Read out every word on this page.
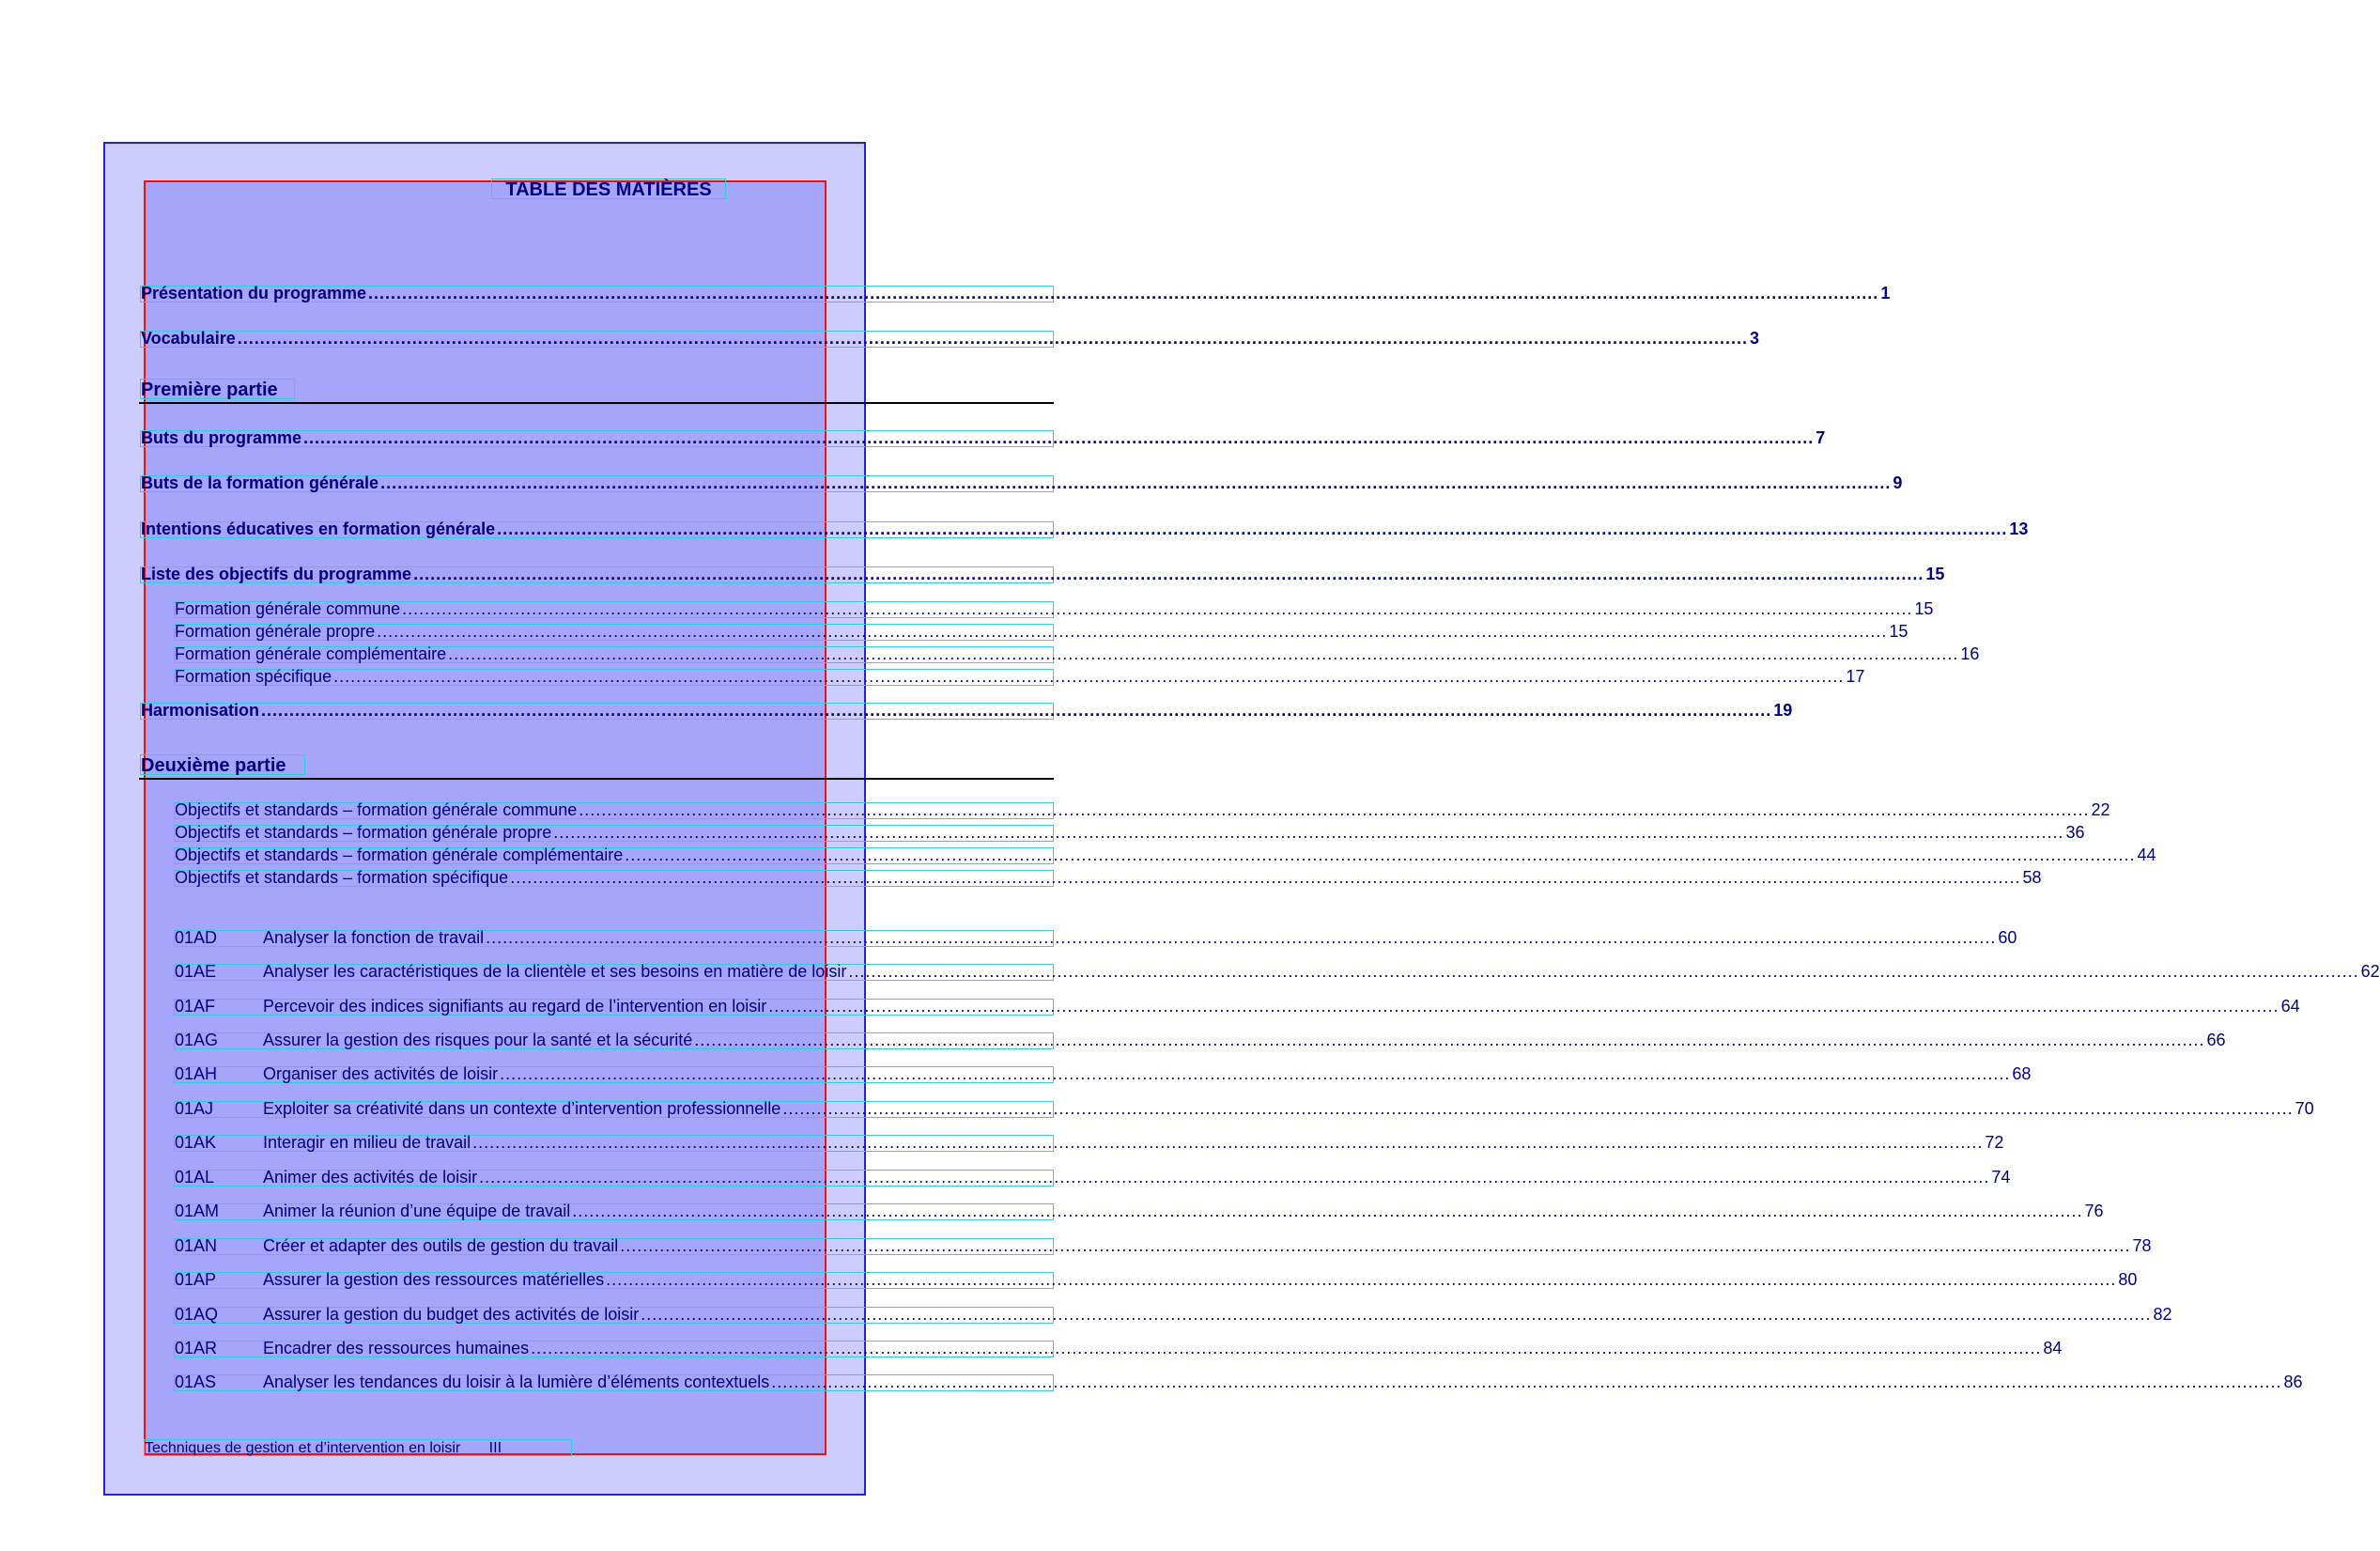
TABLE DES MATIÈRES
Présentation du programme ............................................................................................................................................................................................................................................................................ 1
Vocabulaire ............................................................................................................................................................................................................................................................................ 3
Première partie
Buts du programme ............................................................................................................................................................................................................................................................................ 7
Buts de la formation générale ............................................................................................................................................................................................................................................................................ 9
Intentions éducatives en formation générale ............................................................................................................................................................................................................................................................................ 13
Liste des objectifs du programme ............................................................................................................................................................................................................................................................................ 15
Formation générale commune ............................................................................................................................................................................................................................................................................ 15
Formation générale propre ............................................................................................................................................................................................................................................................................ 15
Formation générale complémentaire ............................................................................................................................................................................................................................................................................ 16
Formation spécifique ............................................................................................................................................................................................................................................................................ 17
Harmonisation ............................................................................................................................................................................................................................................................................ 19
Deuxième partie
Objectifs et standards – formation générale commune ............................................................................................................................................................................................................................................................................ 22
Objectifs et standards – formation générale propre ............................................................................................................................................................................................................................................................................ 36
Objectifs et standards – formation générale complémentaire ............................................................................................................................................................................................................................................................................ 44
Objectifs et standards – formation spécifique ............................................................................................................................................................................................................................................................................ 58
01AD	Analyser la fonction de travail ............................................................................................................................................................................................................................................................................ 60
01AE	Analyser les caractéristiques de la clientèle et ses besoins en matière de loisir ............................................................................................................................................................................................................................................................................ 62
01AF	Percevoir des indices signifiants au regard de l’intervention en loisir ............................................................................................................................................................................................................................................................................ 64
01AG	Assurer la gestion des risques pour la santé et la sécurité ............................................................................................................................................................................................................................................................................ 66
01AH	Organiser des activités de loisir ............................................................................................................................................................................................................................................................................ 68
01AJ	Exploiter sa créativité dans un contexte d’intervention professionnelle ............................................................................................................................................................................................................................................................................ 70
01AK	Interagir en milieu de travail ............................................................................................................................................................................................................................................................................ 72
01AL	Animer des activités de loisir ............................................................................................................................................................................................................................................................................ 74
01AM	Animer la réunion d’une équipe de travail ............................................................................................................................................................................................................................................................................ 76
01AN	Créer et adapter des outils de gestion du travail ............................................................................................................................................................................................................................................................................ 78
01AP	Assurer la gestion des ressources matérielles ............................................................................................................................................................................................................................................................................ 80
01AQ	Assurer la gestion du budget des activités de loisir ............................................................................................................................................................................................................................................................................ 82
01AR	Encadrer des ressources humaines ............................................................................................................................................................................................................................................................................ 84
01AS	Analyser les tendances du loisir à la lumière d’éléments contextuels ............................................................................................................................................................................................................................................................................ 86
Techniques de gestion et d’intervention en loisir III
